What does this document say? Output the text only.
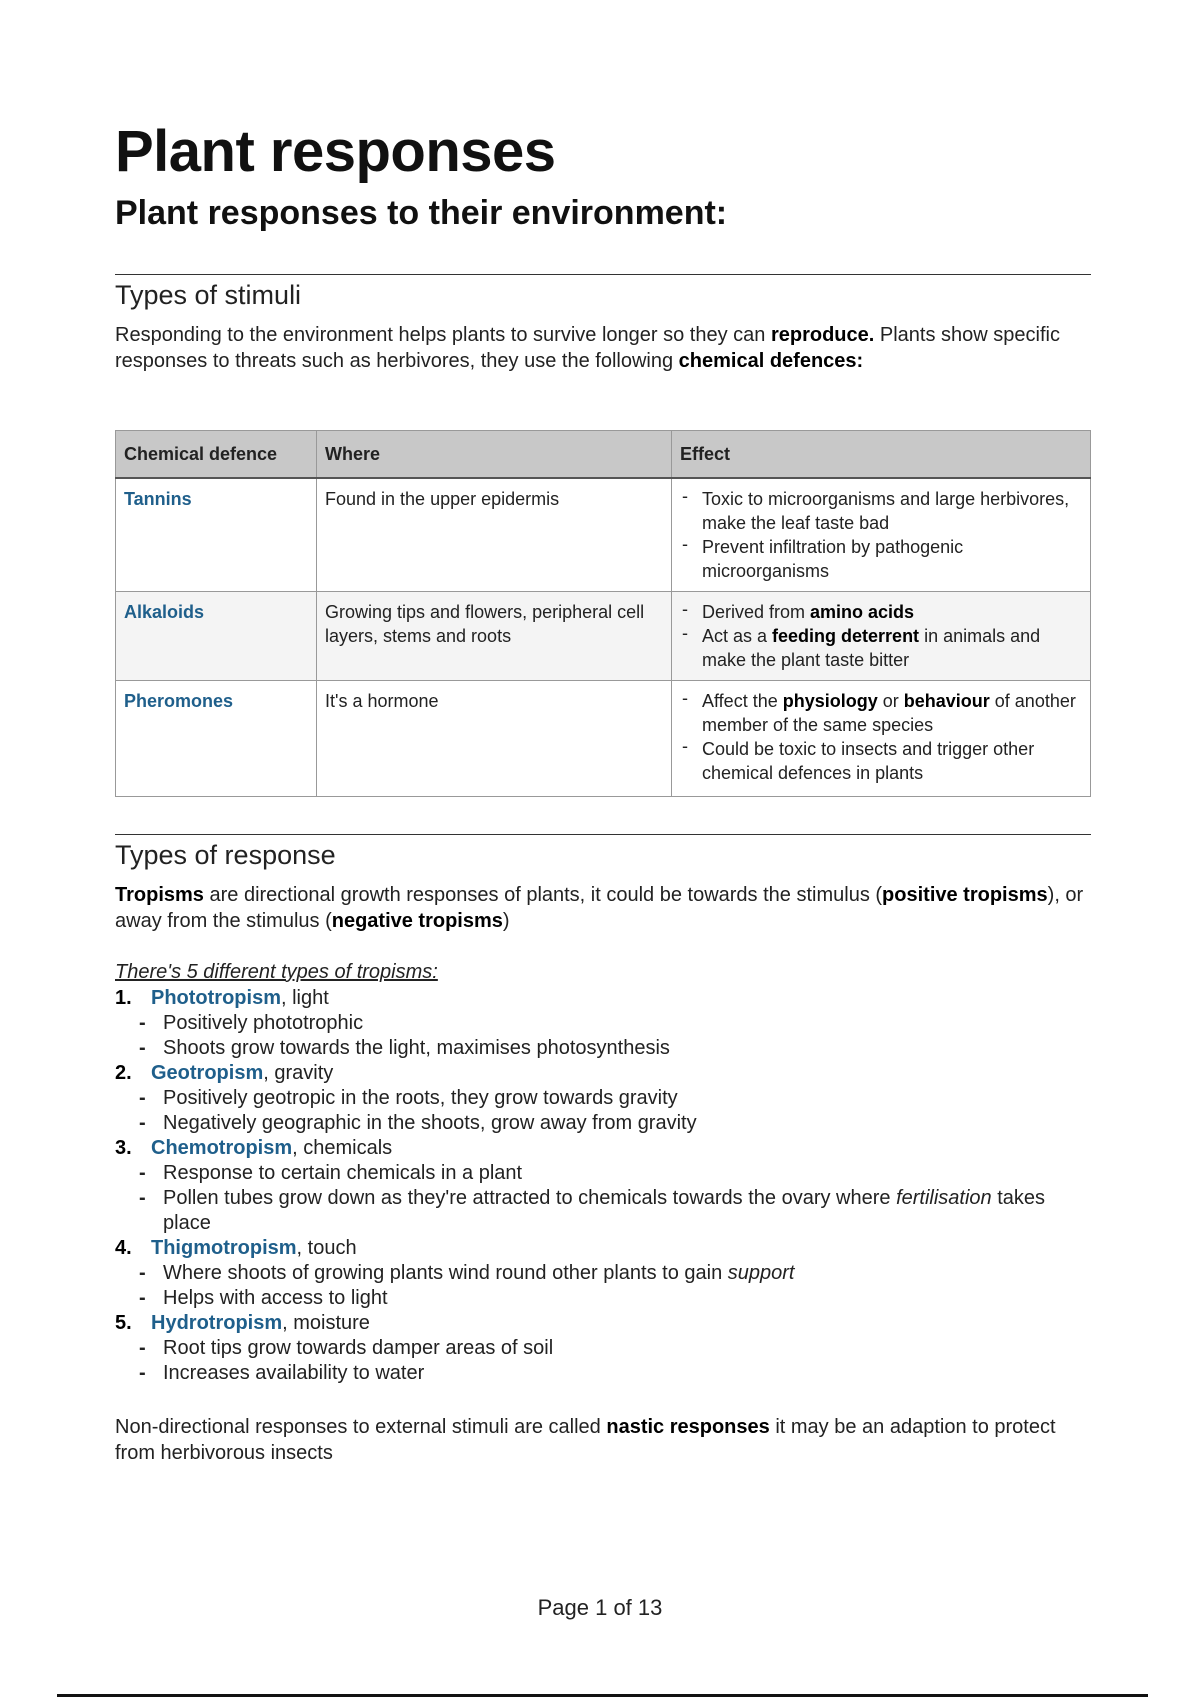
Plant responses
Plant responses to their environment:
Types of stimuli

Responding to the environment helps plants to survive longer so they can reproduce. Plants show specific responses to threats such as herbivores, they use the following chemical defences:

Chemical defence	Where	Effect
Tannins	Found in the upper epidermis	- Toxic to microorganisms and large herbivores, make the leaf taste bad
- Prevent infiltration by pathogenic microorganisms

Alkaloids	Growing tips and flowers, peripheral cell layers, stems and roots	- Derived from amino acids
- Act as a feeding deterrent in animals and make the plant taste bitter

Pheromones	It's a hormone	- Affect the physiology or behaviour of another member of the same species
- Could be toxic to insects and trigger other chemical defences in plants
Types of response

Tropisms are directional growth responses of plants, it could be towards the stimulus (positive tropisms), or away from the stimulus (negative tropisms)

There's 5 different types of tropisms:
1. Phototropism, light
- Positively phototrophic
- Shoots grow towards the light, maximises photosynthesis
2. Geotropism, gravity
- Positively geotropic in the roots, they grow towards gravity
- Negatively geographic in the shoots, grow away from gravity
3. Chemotropism, chemicals
- Response to certain chemicals in a plant
- Pollen tubes grow down as they're attracted to chemicals towards the ovary where fertilisation takes place
4. Thigmotropism, touch
- Where shoots of growing plants wind round other plants to gain support
- Helps with access to light
5. Hydrotropism, moisture
- Root tips grow towards damper areas of soil
- Increases availability to water

Non-directional responses to external stimuli are called nastic responses it may be an adaption to protect from herbivorous insects

Page 1 of 13
